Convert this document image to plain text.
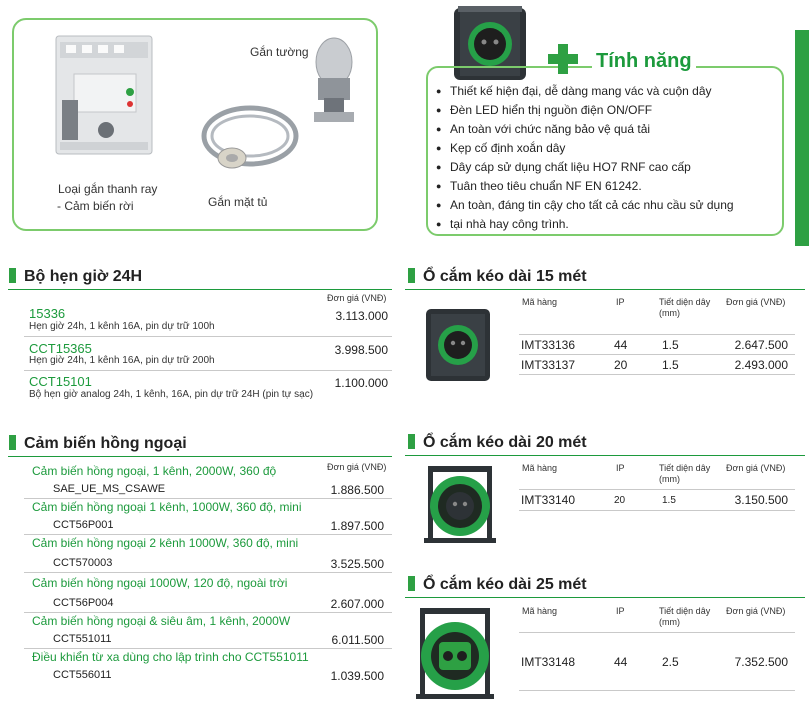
Gắn tường
Loại gắn thanh ray
- Cảm biến rời	Gắn mặt tủ
Tính năng
● Thiết kế hiện đại, dễ dàng mang vác và cuộn dây
● Đèn LED hiển thị nguồn điện ON/OFF
● An toàn với chức năng bảo vệ quá tải
● Kẹp cố định xoắn dây
● Dây cáp sử dụng chất liệu HO7 RNF cao cấp
● Tuân theo tiêu chuẩn NF EN 61242.
● An toàn, đáng tin cậy cho tất cả các nhu cầu sử dụng
● tại nhà hay công trình.
Bộ hẹn giờ 24H
Đơn giá (VNĐ)
15336	3.113.000
Hẹn giờ 24h, 1 kênh 16A, pin dự trữ 100h
CCT15365	3.998.500
Hẹn giờ 24h, 1 kênh 16A, pin dự trữ 200h
CCT15101	1.100.000
Bộ hẹn giờ analog 24h, 1 kênh, 16A, pin dự trữ 24H (pin tự sạc)
Cảm biến hồng ngoại
Đơn giá (VNĐ)
Cảm biến hồng ngoại, 1 kênh, 2000W, 360 độ
SAE_UE_MS_CSAWE	1.886.500
Cảm biến hồng ngoại 1 kênh, 1000W, 360 độ, mini
CCT56P001	1.897.500
Cảm biến hồng ngoại 2 kênh 1000W, 360 độ, mini
CCT570003	3.525.500
Cảm biến hồng ngoại 1000W, 120 độ, ngoài trời
CCT56P004	2.607.000
Cảm biến hồng ngoại & siêu âm, 1 kênh, 2000W
CCT551011	6.011.500
Điều khiển từ xa dùng cho lập trình cho CCT551011
CCT556011	1.039.500
Ổ cắm kéo dài 15 mét
Mã hàng	IP	Tiết diện dây
(mm)
Đơn giá (VNĐ)
IMT33136	44	1.5	2.647.500
IMT33137	20	1.5	2.493.000
Ổ cắm kéo dài 20 mét
Mã hàng	IP	Tiết diện dây
(mm)
Đơn giá (VNĐ)
IMT33140	20	1.5	3.150.500
Ổ cắm kéo dài 25 mét
Mã hàng	IP	Tiết diện dây
(mm)
Đơn giá (VNĐ)
IMT33148	44	2.5	7.352.500
